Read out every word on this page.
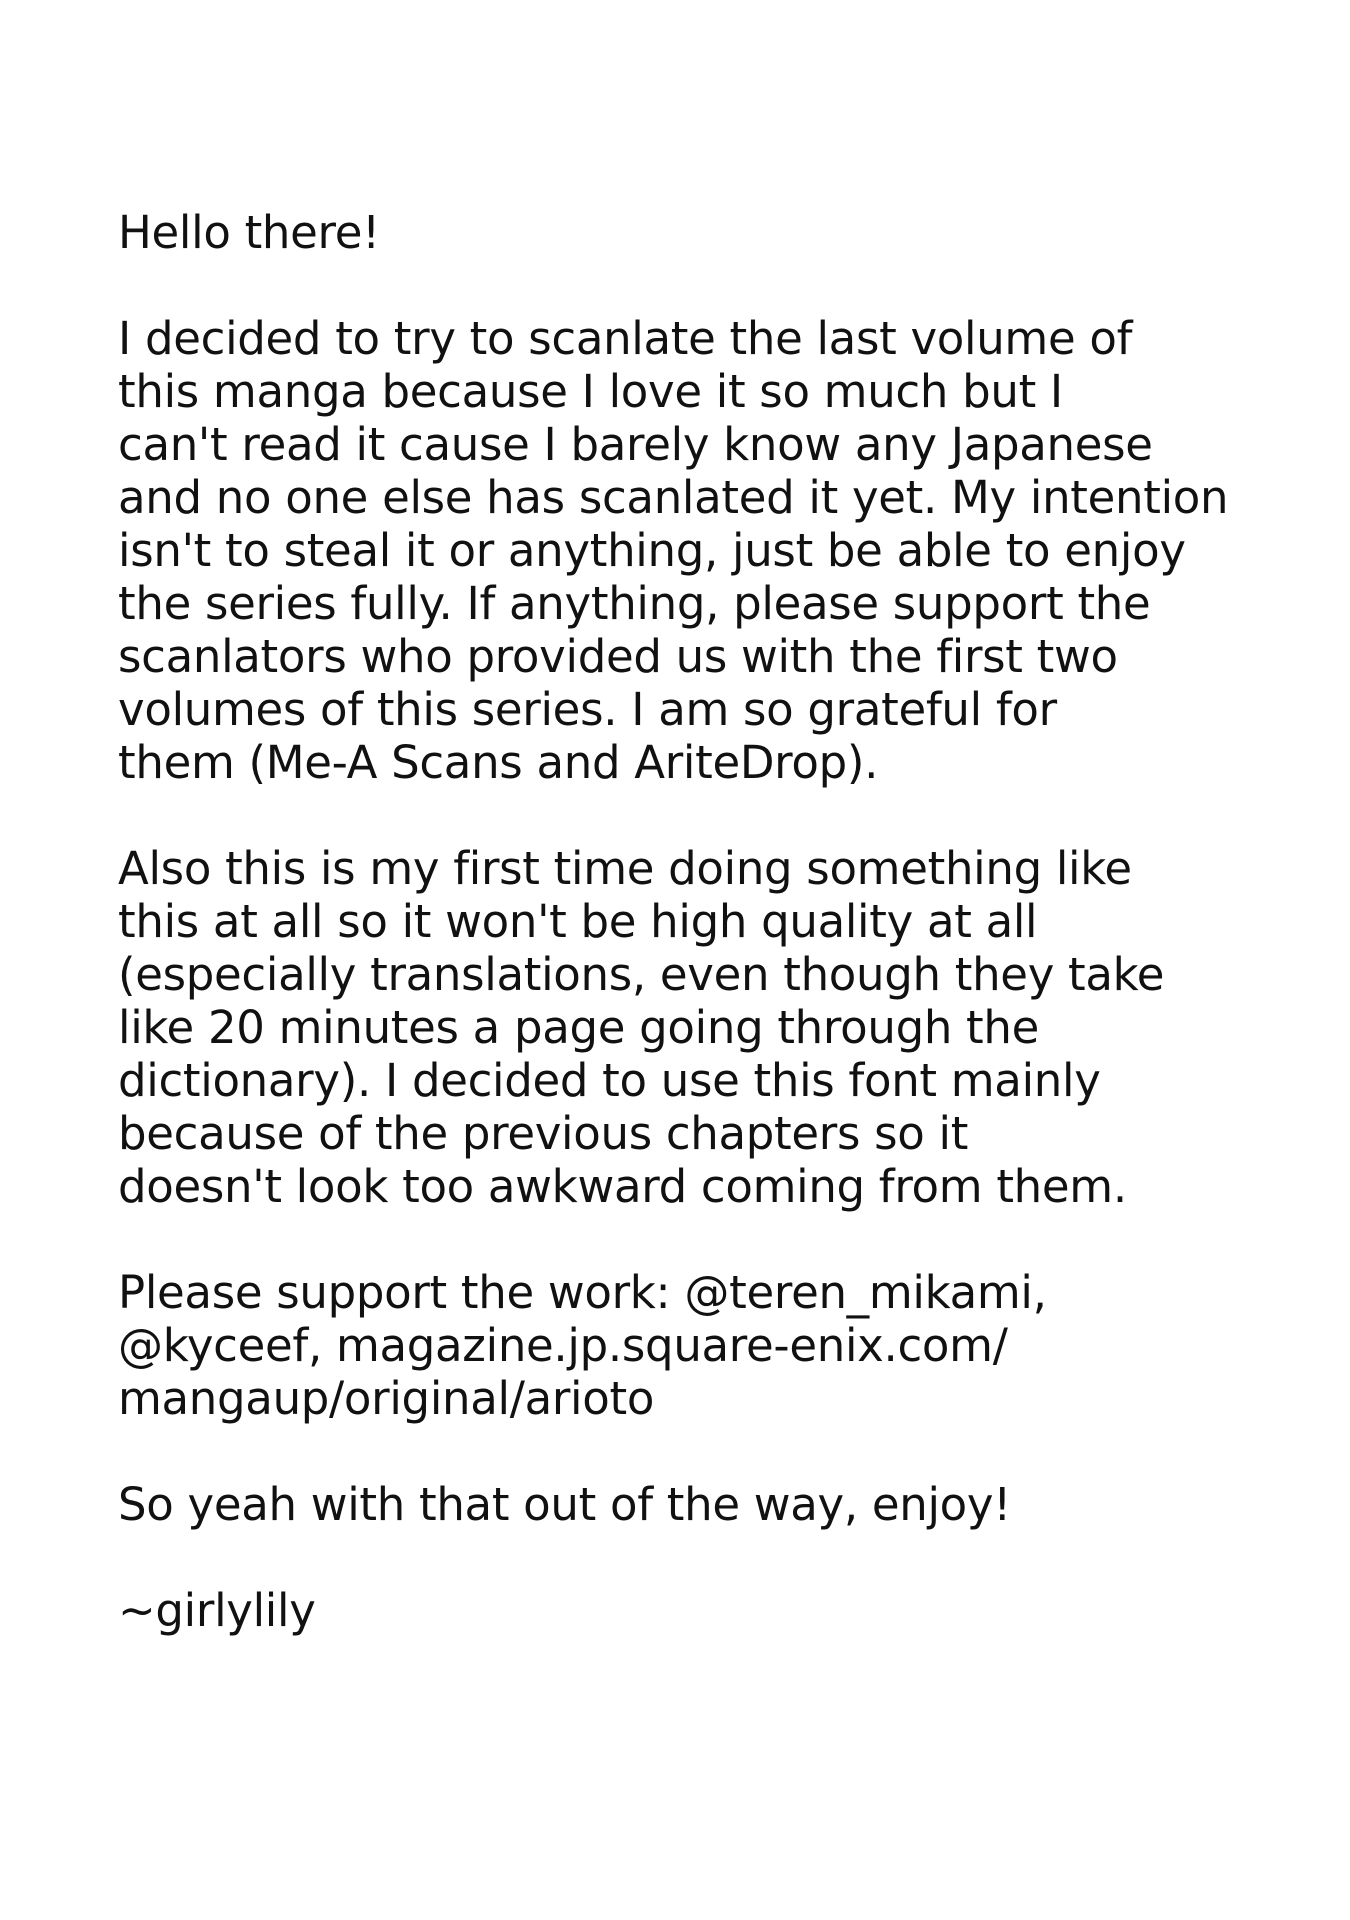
Hello there!

I decided to try to scanlate the last volume of
this manga because I love it so much but I
can't read it cause I barely know any Japanese
and no one else has scanlated it yet. My intention
isn't to steal it or anything, just be able to enjoy
the series fully. If anything, please support the
scanlators who provided us with the first two
volumes of this series. I am so grateful for
them (Me-A Scans and AriteDrop).

Also this is my first time doing something like
this at all so it won't be high quality at all
(especially translations, even though they take
like 20 minutes a page going through the
dictionary). I decided to use this font mainly
because of the previous chapters so it
doesn't look too awkward coming from them.

Please support the work: @teren_mikami,
@kyceef, magazine.jp.square-enix.com/
mangaup/original/arioto

So yeah with that out of the way, enjoy!

~girlylily
